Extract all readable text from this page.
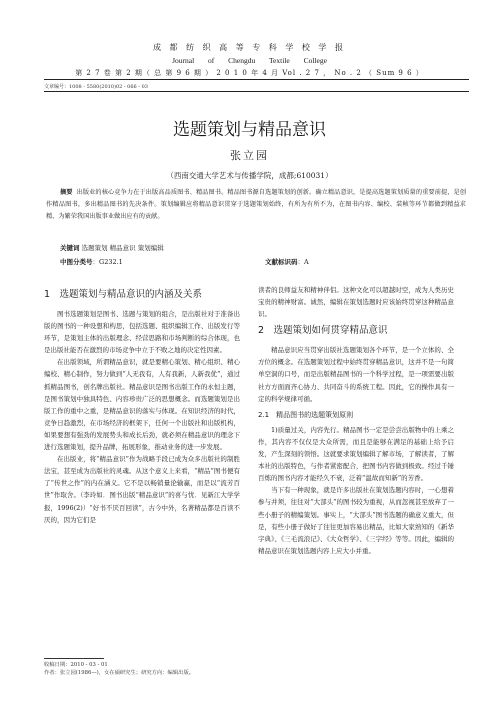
成 都 纺 织 高 等 专 科 学 校 学 报
Journal of Chengdu Textile College
第 2 7 卷 第 2 期（ 总 第 9 6 期 ） 2 0 1 0 年 4 月 Vol . 2 7 ， No . 2 （ Sum 9 6 ）
文章编号：1008 - 5580(2010)02 - 066 - 03
选题策划与精品意识
张立园
（西南交通大学艺术与传播学院，成都;610031）
摘要 出版业的核心竞争力在于出版高品质图书、精品图书。精品图书源自选题策划的创新。确立精品意识，是提高选题策划质量的重要前提，是创作精品图书，多出精品图书的先决条件。策划编辑应将精品意识贯穿于选题策划始终，有所为有所不为，在图书内容、编校、装帧等环节都做到精益求精，为繁荣我国出版事业做出应有的贡献。
关键词 选题策划 精品意识 策划编辑
中图分类号：G232.1	文献标识码：A
1　选题策划与精品意识的内涵及关系

图书选题策划是图书、选题与策划的组合，是出版社对于准备出版的图书的一种设想和构思，包括选题、组织编辑工作、出版发行等环节，是策划主体的出版理念、经营思路和市场判断的综合体现，也是出版社能否在激烈的市场竞争中立于不败之地的决定性因素。

在出版领域，所谓精品意识，就是要精心策划、精心组织、精心编校、精心制作，努力做到“人无我有，人有我新，人新我优”，通过抓精品图书，创名牌出版社。精品意识是图书出版工作的永恒主题，是图书策划中独具特色、内容珍贵广泛的思想概念。而选题策划是出版工作的重中之重，是精品意识的落实与体现。在知识经济的时代，竞争日趋激烈，在市场经济的框架下，任何一个出版社和出版机构，如果要想有强劲的发展势头和成长后劲，就必须在精品意识的理念下进行选题策划，提升品牌，拓展形象，推动业务的进一步发展。

在出版业，将“精品意识”作为战略手段已成为众多出版社的制胜法宝，甚至成为出版社的灵魂。从这个意义上来看，“精品”图书便有了“传世之作”的内在涵义。它不是以畅销量论输赢，而是以“流芳百世”作取舍。（李玲如．图书出版“精品意识”的喜与忧．见新江大学学报，1996(2)）“好书不厌百回读”，古今中外，名著精品都是百读不厌的，因为它们是

读者的良师益友和精神伴侣。这种文化可以超越时空，成为人类历史宝贵的精神财富。诚然，编辑在策划选题时应该始终贯穿这种精品意识。

2　选题策划如何贯穿精品意识

精品意识应当贯穿出版社选题策划各个环节，是一个立体的、全方位的概念。在选题策划过程中始终贯穿精品意识，这并不是一句简单空洞的口号，而是出版精品图书的一个科学过程，是一项需要出版社方方面面齐心协力、共同奋斗的系统工程。因此，它的操作具有一定的科学规律可循。

2.1　精品图书的选题策划原则

1)质量过关，内容先行。精品图书一定是尝尝出版物中的上乘之作，其内容不仅仅是大众所需，而且是能够在满足的基础上给予启发，产生深刻的领悟。这就要求策划编辑了解市场，了解读者，了解本社的出版特色，与作者紧密配合，把图书内容做到极致。经过千锤百炼的图书内容才能经久不衰，泛着“温故而知新”的芳香。

当下有一种现象，就是许多出版社在策划选题内容时，一心想着参与并须，往往对“大部头”的图书较为重视，从而忽视甚至放弃了一些小册子的精编策划。事实上，“大部头”图书选题的确意义重大，但是，有些小册子做好了往往更加容易出精品，比如大家熟知的《新华字典》、《三毛流浪记》、《大众哲学》、《三字经》等等。因此，编辑的精品意识在策划选题内容上应大小并重。

收稿日期：2010 - 03 - 01
作者：张立园(1986—)，女在硕研究生；研究方向：编辑出版。
